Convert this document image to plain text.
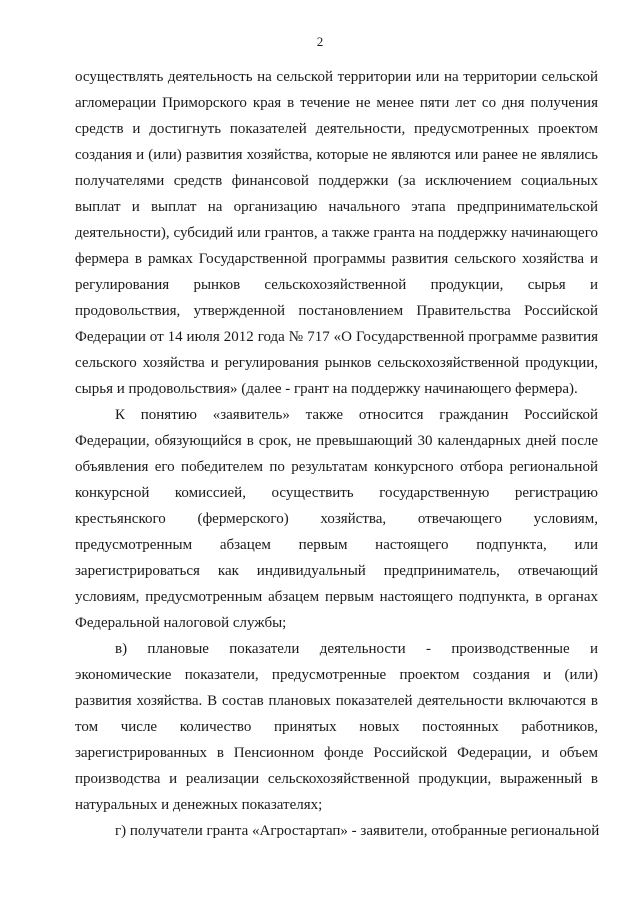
2
осуществлять деятельность на сельской территории или на территории сельской
агломерации Приморского края в течение не менее пяти лет со дня получения
средств и достигнуть показателей деятельности, предусмотренных проектом
создания и (или) развития хозяйства, которые не являются или ранее не являлись
получателями средств финансовой поддержки (за исключением социальных
выплат и выплат на организацию начального этапа предпринимательской
деятельности), субсидий или грантов, а также гранта на поддержку начинающего
фермера в рамках Государственной программы развития сельского хозяйства и
регулирования рынков сельскохозяйственной продукции, сырья и
продовольствия, утвержденной постановлением Правительства Российской
Федерации от 14 июля 2012 года № 717 «О Государственной программе развития
сельского хозяйства и регулирования рынков сельскохозяйственной продукции,
сырья и продовольствия» (далее - грант на поддержку начинающего фермера).
К понятию «заявитель» также относится гражданин Российской
Федерации, обязующийся в срок, не превышающий 30 календарных дней после
объявления его победителем по результатам конкурсного отбора региональной
конкурсной комиссией, осуществить государственную регистрацию
крестьянского (фермерского) хозяйства, отвечающего условиям,
предусмотренным абзацем первым настоящего подпункта, или
зарегистрироваться как индивидуальный предприниматель, отвечающий
условиям, предусмотренным абзацем первым настоящего подпункта, в органах
Федеральной налоговой службы;
в) плановые показатели деятельности - производственные и
экономические показатели, предусмотренные проектом создания и (или)
развития хозяйства. В состав плановых показателей деятельности включаются в
том числе количество принятых новых постоянных работников,
зарегистрированных в Пенсионном фонде Российской Федерации, и объем
производства и реализации сельскохозяйственной продукции, выраженный в
натуральных и денежных показателях;
г) получатели гранта «Агростартап» - заявители, отобранные региональной
